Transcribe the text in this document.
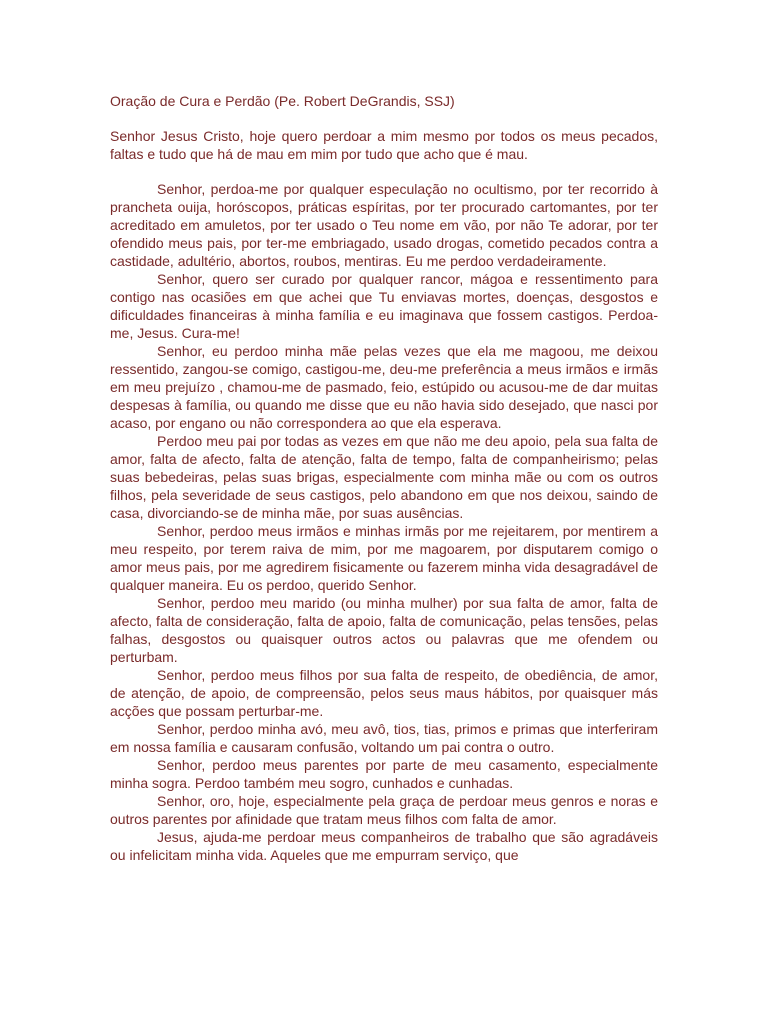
Oração de Cura e Perdão (Pe. Robert DeGrandis, SSJ)
Senhor Jesus Cristo, hoje quero perdoar a mim mesmo por todos os meus pecados, faltas e tudo que há de mau em mim por tudo que acho que é mau.

Senhor, perdoa-me por qualquer especulação no ocultismo, por ter recorrido à prancheta ouija, horóscopos, práticas espíritas, por ter procurado cartomantes, por ter acreditado em amuletos, por ter usado o Teu nome em vão, por não Te adorar, por ter ofendido meus pais, por ter-me embriagado, usado drogas, cometido pecados contra a castidade, adultério, abortos, roubos, mentiras. Eu me perdoo verdadeiramente.

Senhor, quero ser curado por qualquer rancor, mágoa e ressentimento para contigo nas ocasiões em que achei que Tu enviavas mortes, doenças, desgostos e dificuldades financeiras à minha família e eu imaginava que fossem castigos. Perdoa-me, Jesus. Cura-me!

Senhor, eu perdoo minha mãe pelas vezes que ela me magoou, me deixou ressentido, zangou-se comigo, castigou-me, deu-me preferência a meus irmãos e irmãs em meu prejuízo , chamou-me de pasmado, feio, estúpido ou acusou-me de dar muitas despesas à família, ou quando me disse que eu não havia sido desejado, que nasci por acaso, por engano ou não correspondera ao que ela esperava.

Perdoo meu pai por todas as vezes em que não me deu apoio, pela sua falta de amor, falta de afecto, falta de atenção, falta de tempo, falta de companheirismo; pelas suas bebedeiras, pelas suas brigas, especialmente com minha mãe ou com os outros filhos, pela severidade de seus castigos, pelo abandono em que nos deixou, saindo de casa, divorciando-se de minha mãe, por suas ausências.

Senhor, perdoo meus irmãos e minhas irmãs por me rejeitarem, por mentirem a meu respeito, por terem raiva de mim, por me magoarem, por disputarem comigo o amor meus pais, por me agredirem fisicamente ou fazerem minha vida desagradável de qualquer maneira. Eu os perdoo, querido Senhor.

Senhor, perdoo meu marido (ou minha mulher) por sua falta de amor, falta de afecto, falta de consideração, falta de apoio, falta de comunicação, pelas tensões, pelas falhas, desgostos ou quaisquer outros actos ou palavras que me ofendem ou perturbam.

Senhor, perdoo meus filhos por sua falta de respeito, de obediência, de amor, de atenção, de apoio, de compreensão, pelos seus maus hábitos, por quaisquer más acções que possam perturbar-me.

Senhor, perdoo minha avó, meu avô, tios, tias, primos e primas que interferiram em nossa família e causaram confusão, voltando um pai contra o outro.

Senhor, perdoo meus parentes por parte de meu casamento, especialmente minha sogra. Perdoo também meu sogro, cunhados e cunhadas.

Senhor, oro, hoje, especialmente pela graça de perdoar meus genros e noras e outros parentes por afinidade que tratam meus filhos com falta de amor.

Jesus, ajuda-me perdoar meus companheiros de trabalho que são agradáveis ou infelicitam minha vida. Aqueles que me empurram serviço, que
